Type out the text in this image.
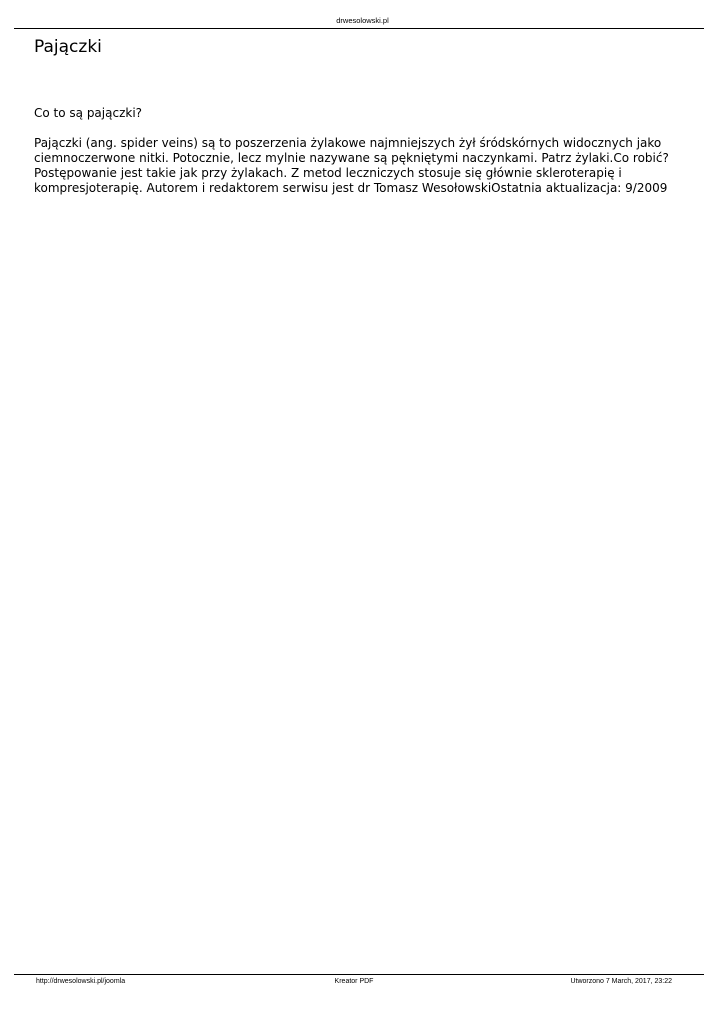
drwesolowski.pl
Pajączki

Co to są pajączki?

Pajączki (ang. spider veins) są to poszerzenia żylakowe najmniejszych żył śródskórnych widocznych jako ciemnoczerwone nitki. Potocznie, lecz mylnie nazywane są pękniętymi naczynkami. Patrz żylaki.Co robić?Postępowanie jest takie jak przy żylakach. Z metod leczniczych stosuje się głównie skleroterapię i kompresjoterapię. Autorem i redaktorem serwisu jest dr Tomasz WesołowskiOstatnia aktualizacja: 9/2009

http://drwesolowski.pl/joomla	Kreator PDF	Utworzono 7 March, 2017, 23:22
